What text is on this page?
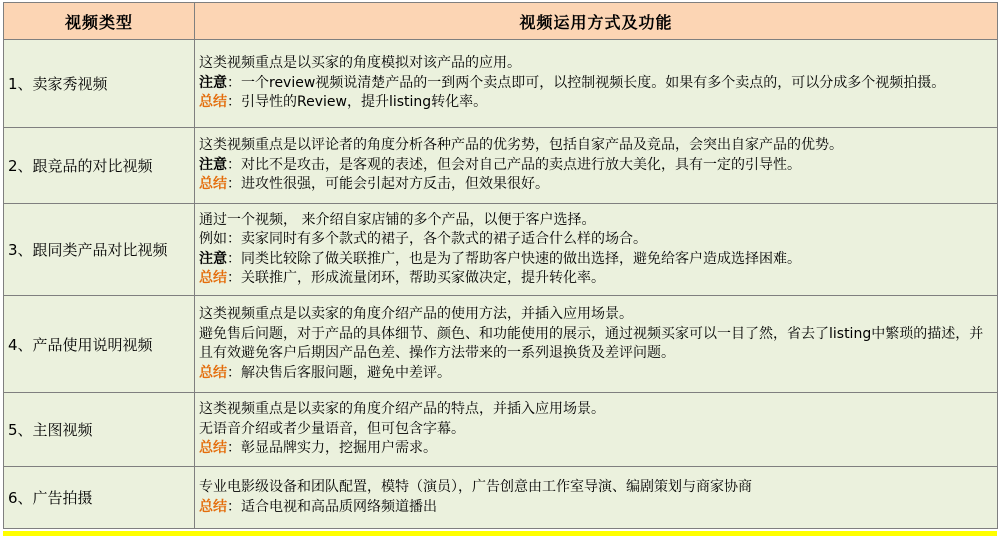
视频类型	视频运用方式及功能
1、卖家秀视频	这类视频重点是以买家的角度模拟对该产品的应用。
注意：一个review视频说清楚产品的一到两个卖点即可，以控制视频长度。如果有多个卖点的，可以分成多个视频拍摄。
总结：引导性的Review，提升listing转化率。

2、跟竞品的对比视频	这类视频重点是以评论者的角度分析各种产品的优劣势，包括自家产品及竞品，会突出自家产品的优势。
注意：对比不是攻击，是客观的表述，但会对自己产品的卖点进行放大美化，具有一定的引导性。
总结：进攻性很强，可能会引起对方反击，但效果很好。

3、跟同类产品对比视频	通过一个视频， 来介绍自家店铺的多个产品，以便于客户选择。
例如：卖家同时有多个款式的裙子，各个款式的裙子适合什么样的场合。
注意：同类比较除了做关联推广，也是为了帮助客户快速的做出选择，避免给客户造成选择困难。
总结：关联推广，形成流量闭环，帮助买家做决定，提升转化率。

4、产品使用说明视频	这类视频重点是以卖家的角度介绍产品的使用方法，并插入应用场景。
避免售后问题，对于产品的具体细节、颜色、和功能使用的展示，通过视频买家可以一目了然，省去了listing中繁琐的描述，并且有效避免客户后期因产品色差、操作方法带来的一系列退换货及差评问题。
总结：解决售后客服问题，避免中差评。

5、主图视频	这类视频重点是以卖家的角度介绍产品的特点，并插入应用场景。
无语音介绍或者少量语音，但可包含字幕。
总结：彰显品牌实力，挖掘用户需求。

6、广告拍摄	专业电影级设备和团队配置，模特（演员），广告创意由工作室导演、编剧策划与商家协商
总结：适合电视和高品质网络频道播出
